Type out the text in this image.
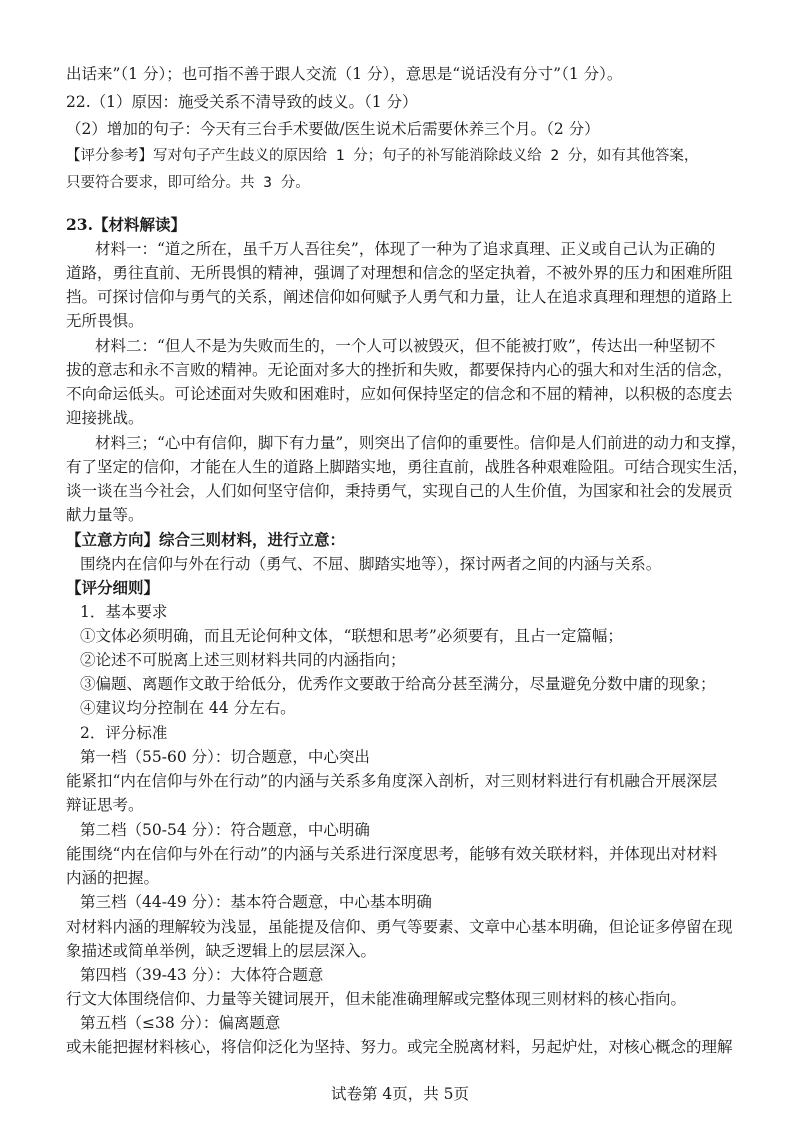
出话来”（1 分）；也可指不善于跟人交流（1 分），意思是“说话没有分寸”（1 分）。
22.（1）原因：施受关系不清导致的歧义。（1 分）
（2）增加的句子：今天有三台手术要做/医生说术后需要休养三个月。（2 分）
【评分参考】写对句子产生歧义的原因给 1 分；句子的补写能消除歧义给 2 分，如有其他答案，
只要符合要求，即可给分。共 3 分。
23.【材料解读】
材料一：“道之所在，虽千万人吾往矣”，体现了一种为了追求真理、正义或自己认为正确的
道路，勇往直前、无所畏惧的精神，强调了对理想和信念的坚定执着，不被外界的压力和困难所阻
挡。可探讨信仰与勇气的关系，阐述信仰如何赋予人勇气和力量，让人在追求真理和理想的道路上
无所畏惧。
材料二：“但人不是为失败而生的，一个人可以被毁灭，但不能被打败”，传达出一种坚韧不
拔的意志和永不言败的精神。无论面对多大的挫折和失败，都要保持内心的强大和对生活的信念，
不向命运低头。可论述面对失败和困难时，应如何保持坚定的信念和不屈的精神，以积极的态度去
迎接挑战。
材料三；“心中有信仰，脚下有力量”，则突出了信仰的重要性。信仰是人们前进的动力和支撑，
有了坚定的信仰，才能在人生的道路上脚踏实地，勇往直前，战胜各种艰难险阻。可结合现实生活，
谈一谈在当今社会，人们如何坚守信仰，秉持勇气，实现自己的人生价值，为国家和社会的发展贡
献力量等。
【立意方向】综合三则材料，进行立意：
围绕内在信仰与外在行动（勇气、不屈、脚踏实地等），探讨两者之间的内涵与关系。
【评分细则】
1．基本要求
①文体必须明确，而且无论何种文体，“联想和思考”必须要有，且占一定篇幅；
②论述不可脱离上述三则材料共同的内涵指向；
③偏题、离题作文敢于给低分，优秀作文要敢于给高分甚至满分，尽量避免分数中庸的现象；
④建议均分控制在 44 分左右。
2．评分标准
第一档（55-60 分）：切合题意，中心突出
能紧扣“内在信仰与外在行动”的内涵与关系多角度深入剖析，对三则材料进行有机融合开展深层
辩证思考。
第二档（50-54 分）：符合题意，中心明确
能围绕“内在信仰与外在行动”的内涵与关系进行深度思考，能够有效关联材料，并体现出对材料
内涵的把握。
第三档（44-49 分）：基本符合题意，中心基本明确
对材料内涵的理解较为浅显，虽能提及信仰、勇气等要素、文章中心基本明确，但论证多停留在现
象描述或简单举例，缺乏逻辑上的层层深入。
第四档（39-43 分）：大体符合题意
行文大体围绕信仰、力量等关键词展开，但未能准确理解或完整体现三则材料的核心指向。
第五档（≤38 分）：偏离题意
或未能把握材料核心，将信仰泛化为坚持、努力。或完全脱离材料，另起炉灶，对核心概念的理解
试卷第 4页，共 5页
